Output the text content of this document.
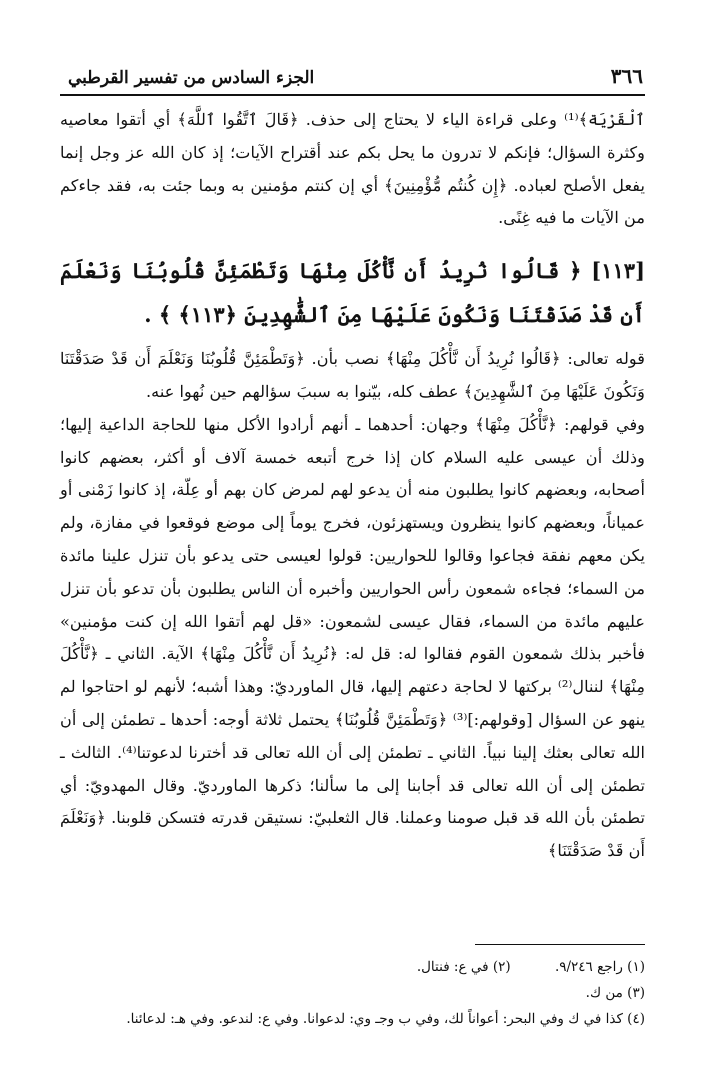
٣٦٦
الجزء السادس من تفسير القرطبي

ٱلْقَرْيَة﴾⁽¹⁾ وعلى قراءة الياء لا يحتاج إلى حذف. ﴿قَالَ ٱتَّقُوا ٱللَّهَ﴾ أي أتقوا معاصيه وكثرة السؤال؛ فإنكم لا تدرون ما يحل بكم عند أقتراح الآيات؛ إذ كان الله عز وجل إنما يفعل الأصلح لعباده. ﴿إِن كُنتُم مُّؤْمِنِينَ﴾ أي إن كنتم مؤمنين به وبما جئت به، فقد جاءكم من الآيات ما فيه غِنًى.

[١١٣] ﴿ قَالُوا نُرِيدُ أَن نَّأْكُلَ مِنْهَا وَتَطْمَئِنَّ قُلُوبُنَا وَنَعْلَمَ أَن قَدْ صَدَقْتَنَا وَنَكُونَ عَلَيْهَا مِنَ ٱلشَّٰهِدِينَ ﴿١١٣﴾ ﴾ .

قوله تعالى: ﴿قَالُوا نُرِيدُ أَن نَّأْكُلَ مِنْهَا﴾ نصب بأن. ﴿وَتَطْمَئِنَّ قُلُوبُنَا وَنَعْلَمَ أَن قَدْ صَدَقْتَنَا وَنَكُونَ عَلَيْهَا مِنَ ٱلشَّٰهِدِينَ﴾ عطف كله، بيّنوا به سببَ سؤالهم حين نُهوا عنه.

وفي قولهم: ﴿نَّأْكُلَ مِنْهَا﴾ وجهان: أحدهما ـ أنهم أرادوا الأكل منها للحاجة الداعية إليها؛ وذلك أن عيسى عليه السلام كان إذا خرج أتبعه خمسة آلاف أو أكثر، بعضهم كانوا أصحابه، وبعضهم كانوا يطلبون منه أن يدعو لهم لمرض كان بهم أو عِلّة، إذ كانوا زَمْنى أو عمياناً، وبعضهم كانوا ينظرون ويستهزئون، فخرج يوماً إلى موضع فوقعوا في مفازة، ولم يكن معهم نفقة فجاعوا وقالوا للحواريين: قولوا لعيسى حتى يدعو بأن تنزل علينا مائدة من السماء؛ فجاءه شمعون رأس الحواريين وأخبره أن الناس يطلبون بأن تدعو بأن تنزل عليهم مائدة من السماء، فقال عيسى لشمعون: «قل لهم أتقوا الله إن كنت مؤمنين» فأخبر بذلك شمعون القوم فقالوا له: قل له: ﴿نُرِيدُ أَن نَّأْكُلَ مِنْهَا﴾ الآية. الثاني ـ ﴿نَّأْكُلَ مِنْهَا﴾ لننال⁽²⁾ بركتها لا لحاجة دعتهم إليها، قال الماورديّ: وهذا أشبه؛ لأنهم لو احتاجوا لم ينهو عن السؤال [وقولهم:]⁽³⁾ ﴿وَتَطْمَئِنَّ قُلُوبُنَا﴾ يحتمل ثلاثة أوجه: أحدها ـ تطمئن إلى أن الله تعالى بعثك إلينا نبياً. الثاني ـ تطمئن إلى أن الله تعالى قد أخترنا لدعوتنا⁽⁴⁾. الثالث ـ تطمئن إلى أن الله تعالى قد أجابنا إلى ما سألنا؛ ذكرها الماورديّ. وقال المهدويّ: أي تطمئن بأن الله قد قبل صومنا وعملنا. قال الثعلبيّ: نستيقن قدرته فتسكن قلوبنا. ﴿وَنَعْلَمَ أَن قَدْ صَدَقْتَنَا﴾

(١) راجع ٩/٢٤٦. (٢) في ع: فنتال.
(٣) من ك.
(٤) كذا في ك وفي البحر: أعواناً لك، وفي ب وجـ وي: لدعوانا. وفي ع: لندعو. وفي هـ: لدعائنا.
